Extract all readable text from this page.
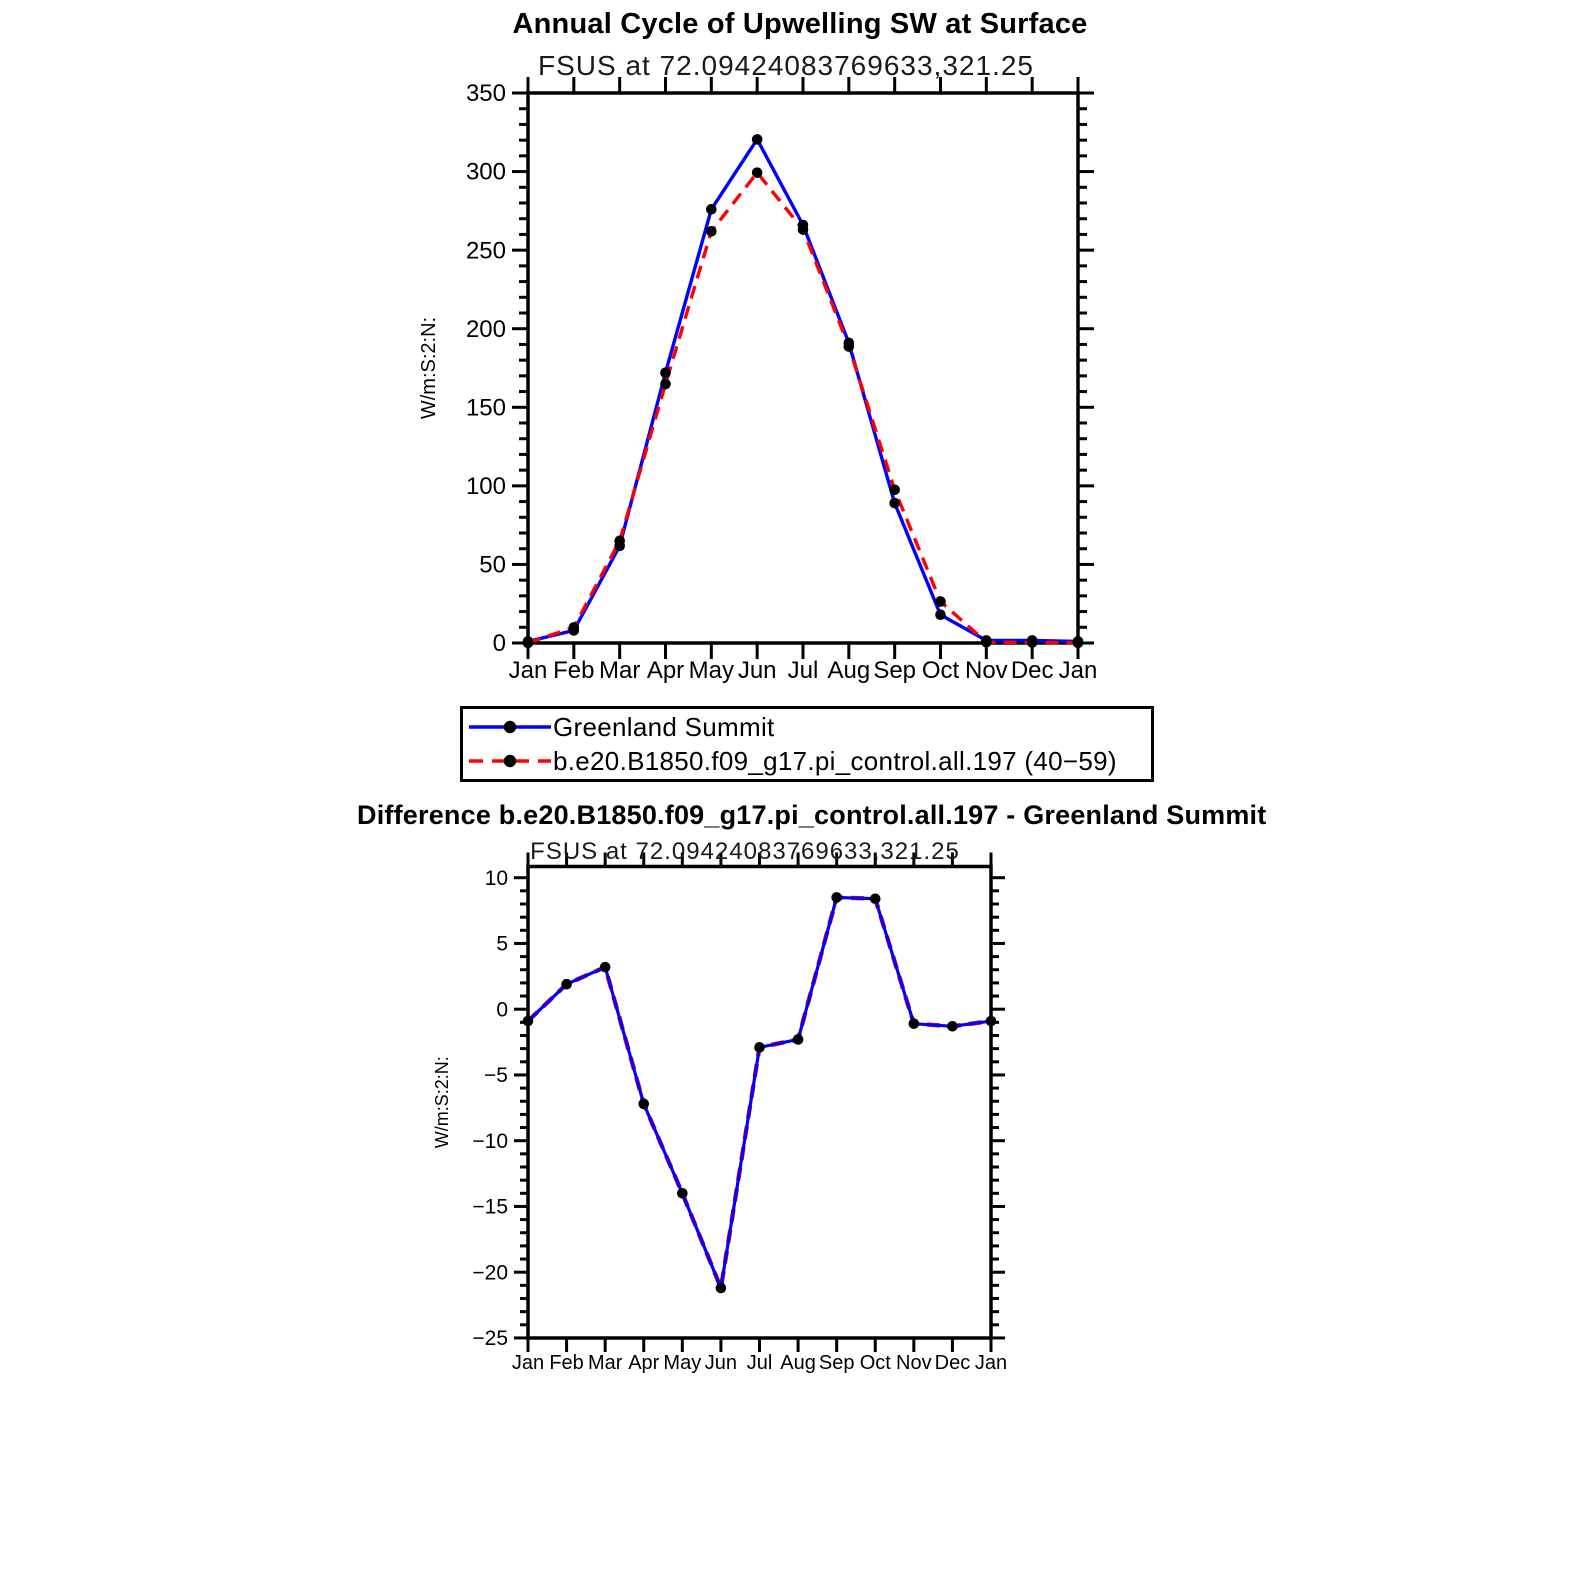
0
50
100
150
200
250
300
350
Jan Feb Mar Apr May Jun Jul Aug Sep Oct Nov Dec Jan
W/m:S:2:N:
−25
−20
−15
−10
−5
0
5
10
Jan Feb Mar Apr May Jun Jul Aug Sep Oct Nov Dec Jan
W/m:S:2:N:
Annual Cycle of Upwelling SW at Surface
FSUS at 72.09424083769633,321.25
Greenland Summit
b.e20.B1850.f09_g17.pi_control.all.197 (40−59)
Difference b.e20.B1850.f09_g17.pi_control.all.197 - Greenland Summit
FSUS at 72.09424083769633,321.25
